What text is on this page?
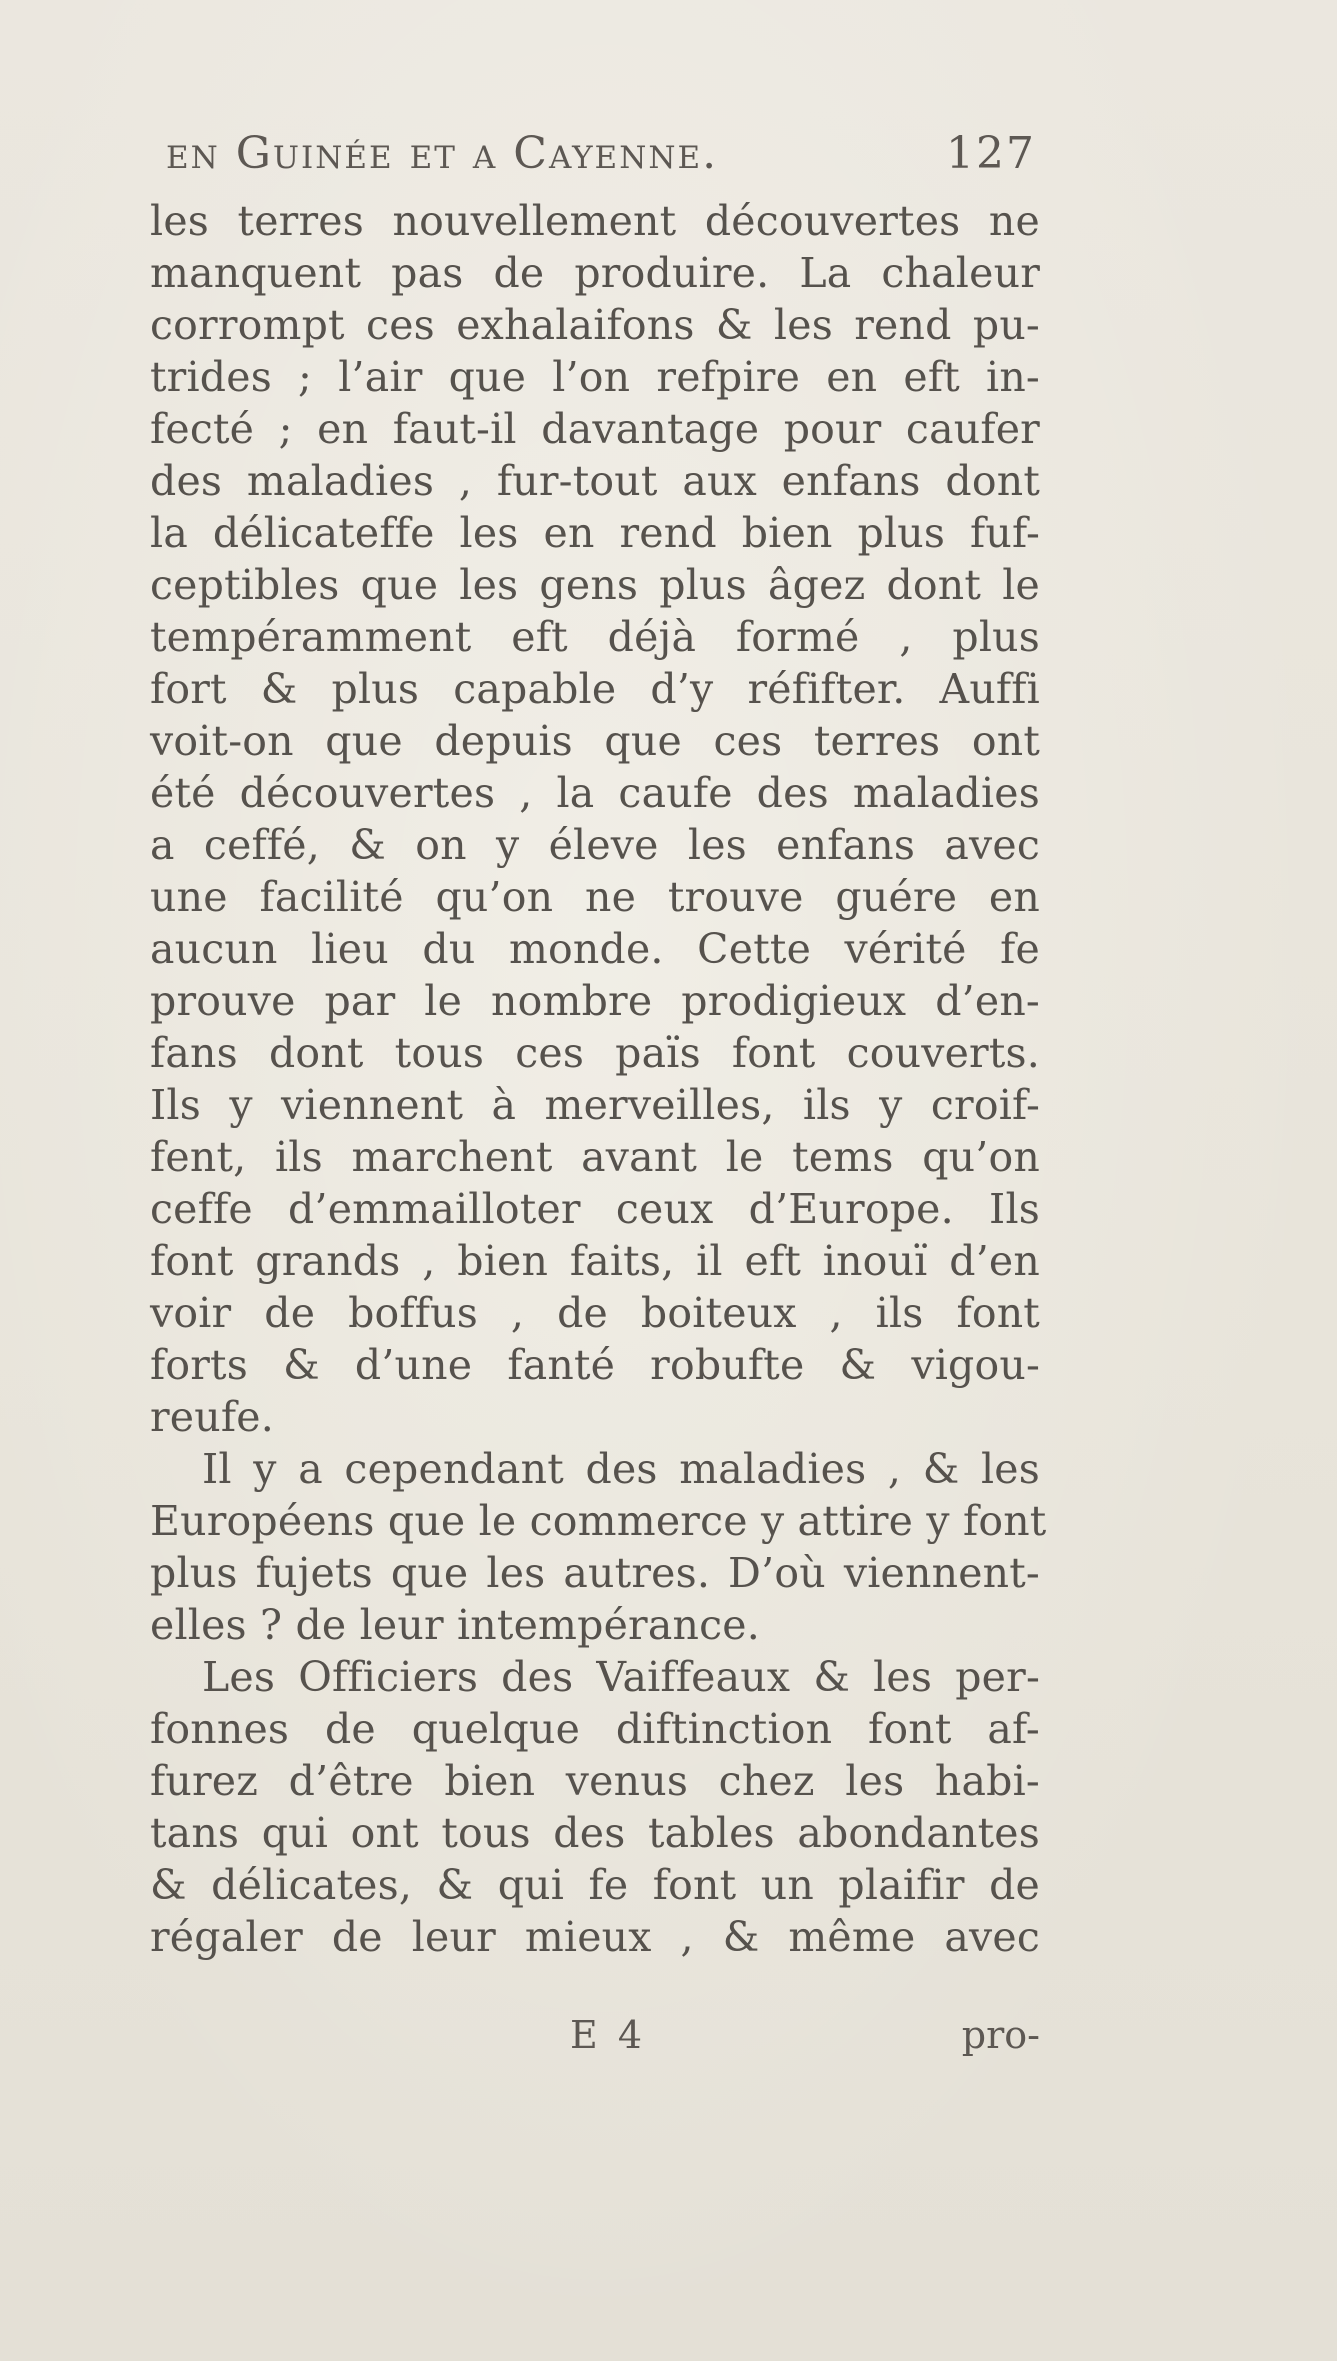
en Guinée et a Cayenne.	127
les terres nouvellement découvertes ne
manquent pas de produire. La chaleur
corrompt ces exhalaifons & les rend pu-
trides ; l’air que l’on refpire en eft in-
fecté ; en faut-il davantage pour caufer
des maladies , fur-tout aux enfans dont
la délicateffe les en rend bien plus fuf-
ceptibles que les gens plus âgez dont le
tempéramment eft déjà formé , plus
fort & plus capable d’y réfifter. Auffi
voit-on que depuis que ces terres ont
été découvertes , la caufe des maladies
a ceffé, & on y éleve les enfans avec
une facilité qu’on ne trouve guére en
aucun lieu du monde. Cette vérité fe
prouve par le nombre prodigieux d’en-
fans dont tous ces païs font couverts.
Ils y viennent à merveilles, ils y croif-
fent, ils marchent avant le tems qu’on
ceffe d’emmailloter ceux d’Europe. Ils
font grands , bien faits, il eft inouï d’en
voir de boffus , de boiteux , ils font
forts & d’une fanté robufte & vigou-
reufe.
Il y a cependant des maladies , & les
Européens que le commerce y attire y font
plus fujets que les autres. D’où viennent-
elles ? de leur intempérance.
Les Officiers des Vaiffeaux & les per-
fonnes de quelque diftinction font af-
furez d’être bien venus chez les habi-
tans qui ont tous des tables abondantes
& délicates, & qui fe font un plaifir de
régaler de leur mieux , & même avec
E 4	pro-
